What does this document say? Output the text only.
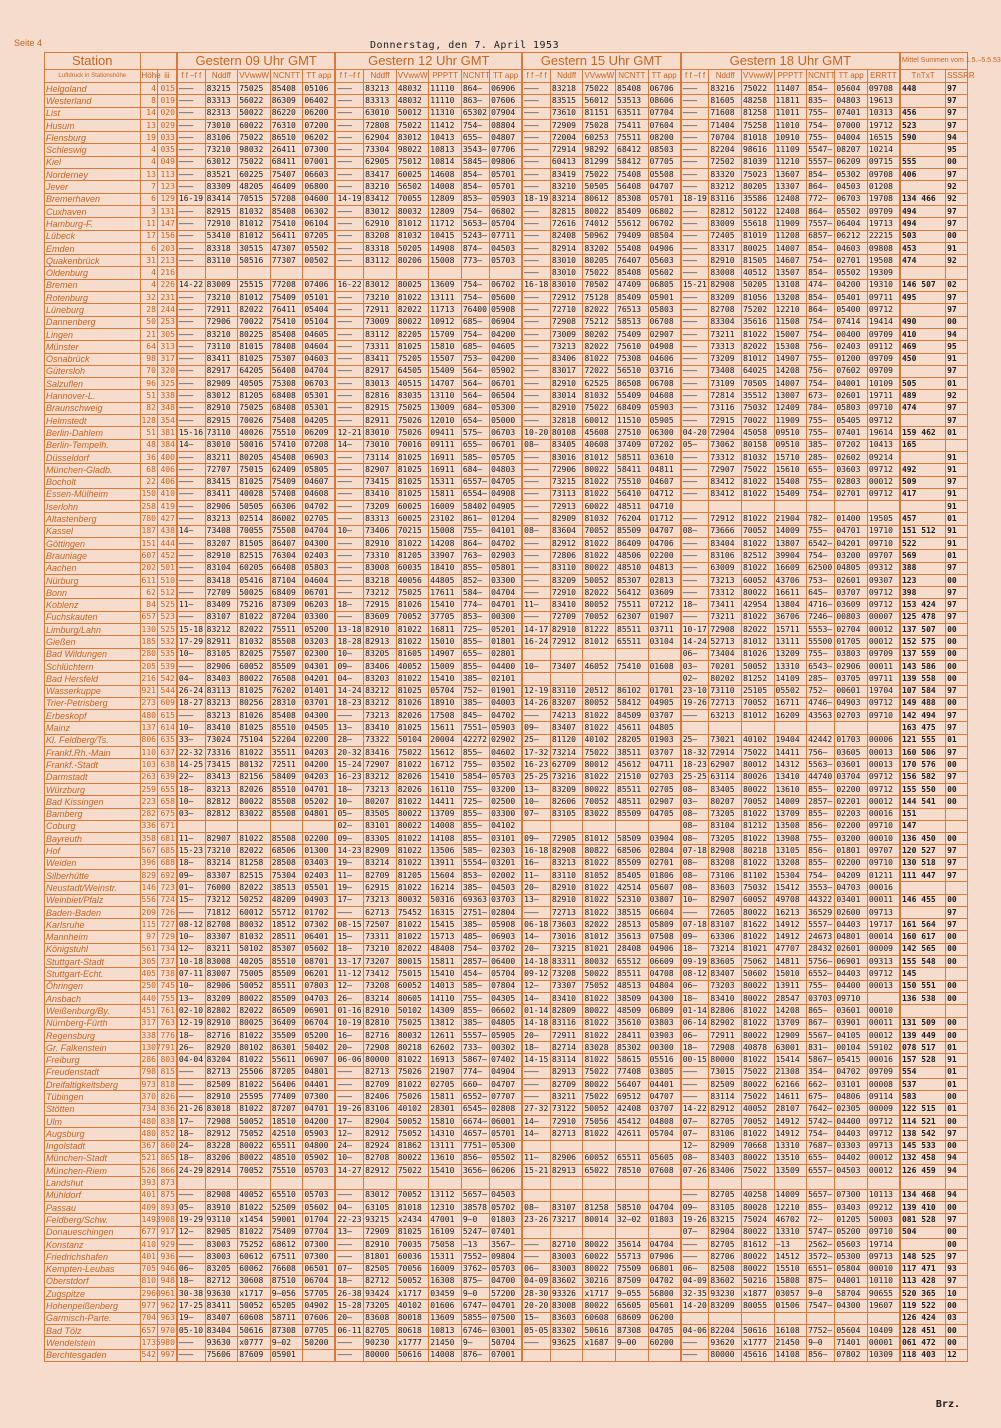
Seite 4	Donnerstag, den 7. April 1953
Station			Gestern 09 Uhr GMT					Gestern 12 Uhr GMT						Gestern 15 Uhr GMT					Gestern 18 Uhr GMT							Mittel Summen vom 1.5.–5.5.53	
Luftdruck in Stationshöhe	Höhe	iii	f f –f f	Nddff	VVwwW	NCNTT	TT app	f f –f f	Nddff	VVwwW	PPPTT	NCNTT	TT app	f f –f f	Nddff	VVwwW	NCNTT	TT app	f f –f f	Nddff	VVwwW	PPPTT	NCNTT	TT app	ERRTT	TnTxT	SSSRR
Helgoland	4	015	———	83215	75025	85408	05106	———	83213	48032	11110	864—	06906	———	83218	75022	85408	06706	———	83216	75022	11407	854—	05604	09708	448	97
Westerland	8	019	———	83313	56022	86309	06402	———	83313	48032	11110	863—	07606	———	83515	56012	53513	08606	———	81605	48258	11811	835—	04803	19613		97
List	14	020	———	82313	50022	86220	06200	———	63010	50012	11310	65302	07904	———	73610	81151	63511	07704	———	71608	81258	11011	755—	07401	10313	456	97
Husum	13	029	———	73010	60022	76310	07200	———	72808	75022	11412	754—	08804	———	72909	75028	75411	07604	———	71404	75258	11010	754—	07000	19712	523	97
Flensburg	19	033	———	83106	75022	86510	06202	———	62904	83012	10413	655—	04807	———	72004	60253	75511	08200	———	70704	81018	10910	755—	04004	16515	590	94
Schleswig	4	035	———	73210	98032	26411	07300	———	73304	98022	10813	3543—	07706	———	72914	98292	68412	08503	———	82204	98616	11109	5547—	08207	10214		95
Kiel	4	049	———	63012	75022	68411	07001	———	62905	75012	10814	5845—	09806	———	60413	81299	58412	07705	———	72502	81039	11210	5557—	06209	09715	555	00
Norderney	13	113	———	83521	60225	75407	06603	———	83417	60025	14608	854—	05701	———	83419	75022	75408	05508	———	83320	75023	13607	854—	05302	09708	406	97
Jever	7	123	———	83309	48205	46409	06800	———	83210	56502	14008	854—	05701	———	83210	50505	56408	04707	———	83212	80205	13307	864—	04503	01208		92
Bremerhaven	6	129	16-19	83414	70515	57208	04600	14-19	83412	70055	12809	853—	05903	18-19	83214	80612	85308	05701	18-19	83116	35586	12408	772—	06703	19708	134 466	92
Cuxhaven	3	131	———	82915	81032	85408	06302	———	83012	80032	12809	754—	06802	———	82815	80022	85409	06802	———	82812	50122	12408	864—	05502	09709	494	97
Hamburg-F.	11	147	———	72910	81012	75410	06104	———	62910	81012	11712	5653—	05704	———	72616	74012	55612	06702	———	83009	55618	11909	7557—	06404	19713	494	97
Lübeck	17	156	———	53410	81012	56411	07205	———	83208	81032	10415	5243—	07711	———	82408	50962	79409	08504	———	72405	81019	11208	6857—	06212	22215	503	00
Emden	6	203	———	83318	30515	47307	05502	———	83318	50205	14908	874—	04503	———	82914	83202	55408	04906	———	83317	80025	14007	854—	04603	09808	453	91
Quakenbrück	31	213	———	83110	50516	77307	00502	———	83112	80206	15008	773—	05703	———	83010	80205	76407	05603	———	82910	81505	14607	754—	02701	19508	474	92
Oldenburg	4	216												———	83010	75022	85408	05602	———	83008	40512	13507	854—	05502	19309		
Bremen	4	226	14-22	83009	25515	77208	07406	16-22	83012	80025	13609	754—	06702	16-18	83010	70502	47409	06805	15-21	82908	50205	13108	474—	04200	19310	146 507	02
Rotenburg	32	231	———	73210	81012	75409	05101	———	73210	81022	13111	754—	05600	———	72912	75128	85409	05901	———	83209	81056	13208	854—	05401	09711	495	97
Lüneburg	28	244	———	72911	82022	76411	05404	———	72911	82022	11713	76400	05908	———	72710	82022	76513	05803	———	82708	75202	12210	864—	05400	09712		97
Dannenberg	50	253	———	72906	70022	75410	05104	———	73009	80022	10912	685—	06904	———	72908	75212	58513	06708	———	83304	35616	11508	754—	07414	19414	490	00
Lingen	21	305	———	83210	80225	85408	04605	———	83112	82205	15709	754—	04200	———	73009	80202	75409	02907	———	73211	81022	15007	754—	00400	09709	410	94
Münster	64	313	———	73110	81015	78408	04604	———	73311	81025	15810	685—	04605	———	73213	82022	75610	04908	———	73313	82022	15308	756—	02403	09112	469	95
Osnabrück	98	317	———	83411	81025	75307	04603	———	83411	75205	15507	753—	04200	———	83406	81022	75308	04606	———	73209	81012	14907	755—	01200	09709	450	91
Gütersloh	70	320	———	82917	64205	56408	04704	———	82917	64505	15409	564—	05902	———	83017	72022	56510	03716	———	73408	64025	14208	756—	07602	09709		97
Salzuflen	96	325	———	82909	40505	75308	06703	———	83013	40515	14707	564—	06701	———	82910	62525	86508	06708	———	73109	70505	14007	754—	04001	10109	505	01
Hannover-L.	51	338	———	83012	81205	68408	05301	———	82816	83035	13110	564—	06504	———	83014	81032	55409	04608	———	72814	35512	13007	673—	02601	19711	489	92
Braunschweig	82	348	———	82910	75025	68408	05301	———	82915	75025	13009	684—	05300	———	82910	75022	68409	05903	———	73116	75032	12409	784—	05803	09710	474	97
Helmstedt	128	354	———	82915	70026	75408	04205	———	82911	75026	12010	654—	05000	———	32818	60012	11510	05905	———	72915	70022	11909	755—	05405	09712		97
Berlin-Dahlem	51	381	15-16	73110	40026	75510	06209	12-21	83010	75026	09411	575—	06703	10-20	80108	45608	27510	06300	04-20	72904	45058	09510	755—	07401	19614	159 462	01
Berlin-Tempelh.	48	384	14—	83010	50016	57410	07208	14—	73010	70016	09111	655—	06701	08—	83405	40608	37409	07202	05—	73062	80158	09510	385—	07202	10413	165	
Düsseldorf	36	400	———	83211	80205	45408	06903	———	73114	81025	16911	585—	05705	———	83016	81012	58511	03610	———	73312	81032	15710	285—	02602	09214		91
München-Gladb.	68	406	———	72707	75015	62409	05805	———	82907	81025	16911	684—	04803	———	72906	80022	58411	04811	———	72907	75022	15610	655—	03603	09712	492	91
Bocholt	22	406	———	83415	81025	75409	04607	———	73415	81025	15311	6557—	04705	———	73215	81022	75510	04607	———	83412	81022	15408	755—	02803	00012	509	97
Essen-Mülheim	150	410	———	83411	40028	57408	04608	———	83410	81025	15811	6554—	04908	———	73113	81022	56410	04712	———	83412	81022	15409	754—	02701	09712	417	91
Iserlohn	258	419	———	82906	50505	66306	04702	———	73209	60025	16009	58402	04905	———	72913	60022	48511	04710									91
Altastenberg	780	427	———	83213	02514	86002	02705	———	83313	60025	23102	861—	01204	———	82909	81032	76204	01712	———	72912	81022	21904	782—	01400	19505	457	01
Kassel	187	438	14—	73408	70055	75508	04704	10—	73406	70215	15008	755—	04101	08—	83604	70052	85509	04707	08—	73666	70052	14009	755—	04701	19710	151 512	91
Göttingen	151	444	———	83207	81505	86407	04300	———	82910	81022	14208	864—	04702	———	82912	81022	86409	04706	———	83404	81022	13807	6542—	04201	09710	522	91
Brauniage	607	452	———	82910	82515	76304	02403	———	73310	81205	33907	763—	02903	———	72806	81022	48506	02200	———	83106	82512	39904	754—	03200	09707	569	01
Aachen	202	501	———	83104	60205	66408	05803	———	83008	60035	18410	855—	05801	———	83110	80022	48510	04813	———	63009	81022	16609	62500	04805	09312	388	97
Nürburg	611	510	———	83418	05416	87104	04604	———	83218	40056	44805	852—	03300	———	83209	50052	85307	02813	———	73213	60052	43706	753—	02601	09307	123	00
Bonn	62	512	———	72709	50025	68409	06701	———	73212	75025	17611	584—	04704	———	72910	82022	56412	03609	———	73312	80022	16611	645—	03707	09712	398	97
Koblenz	84	525	11—	83409	75216	87309	06203	18—	72915	81026	15410	774—	04701	11—	83410	80052	75511	07212	18—	73411	42954	13804	4716—	03609	09712	153 424	97
Fuchskauten	657	523	———	83107	81022	87204	03300	———	83609	70052	37705	853—	00300	———	72709	70052	62307	01907	———	73211	81022	36706	7246—	00803	00007	125 478	97
Limburg/Lahn	130	525	15-18	83212	82022	75511	05200	13-18	82910	81022	16811	725—	05201	14-17	82910	81222	85511	03711	10-17	72908	82022	15711	5553—	02704	00012	137 507	00
Gießen	185	532	17-29	82911	81032	85508	03203	18-28	82913	81022	15010	855—	01801	16-24	72912	81012	65511	03104	14-24	52713	81012	13111	55500	01705	00012	152 575	00
Bad Wildungen	280	535	10—	83105	82025	75507	02300	10—	83205	81605	14907	655—	02801						06—	73404	81026	13209	755—	03803	09709	137 559	00
Schlüchtern	205	539	———	82906	60052	85509	04301	09—	83406	40052	15009	855—	04400	10—	73407	46052	75410	01608	03—	70201	50052	13310	6543—	02906	00011	143 586	00
Bad Hersfeld	216	542	04—	83403	80022	76508	04201	04—	83203	81022	15410	385—	02101						02—	80202	81252	14109	285—	03705	09711	139 558	00
Wasserkuppe	921	544	26-24	83113	81025	76202	01401	14-24	83212	81025	05704	752—	01901	12-19	83110	20512	86102	01701	23-10	73110	25105	05502	752—	00601	19704	107 584	97
Trier-Petrisberg	273	609	18-27	83213	80256	28310	03701	18-23	83212	81026	18910	385—	04003	14-26	83207	80052	58412	04905	19-26	72713	70052	16711	4746—	04903	09712	149 488	00
Erbeskopf	480	615	———	83213	81026	85408	04300	———	73213	82026	17508	845—	04702	———	74213	81022	84509	03707	———	63213	81012	16209	43563	02703	09710	142 494	97
Mainz	137	614	10—	83410	81025	85510	04505	13—	83410	81025	15611	7551—	05903	09—	83407	81022	45611	04805								163 475	97
Kl. Feldberg/Ts.	806	635	33—	73024	75104	52204	02200	28—	73322	50104	20004	42272	02902	25—	81120	40102	28205	01903	25—	73021	40102	19404	42442	01703	00006	121 555	01
Frankf.Rh.-Main	110	637	22-32	73316	81022	35511	04203	20-32	83416	75022	15612	855—	04602	17-32	73214	75022	38511	03707	18-32	72914	75022	14411	756—	03605	00013	160 506	97
Frankf.-Stadt	103	638	14-25	73415	80132	72511	04200	15-24	72907	81022	16712	755—	03502	16-23	62709	80012	45612	04711	18-23	62907	80012	14312	5563—	03601	00013	170 576	00
Darmstadt	263	639	22—	83413	82156	58409	04203	16-23	83212	82026	15410	5854—	05703	25-25	73216	81022	21510	02703	25-25	63114	80026	13410	44740	03704	09712	156 582	97
Würzburg	259	655	18—	83213	82026	85510	04701	18—	73213	82026	16110	755—	03200	13—	83209	80022	85511	02705	08—	83405	80022	13610	855—	02200	09712	155 550	00
Bad Kissingen	223	658	10—	82812	80022	85508	05202	10—	80207	81022	14411	725—	02500	10—	82606	70052	48511	02907	03—	80207	70052	14009	2857—	02201	00012	144 541	00
Bamberg	282	675	03—	82812	83022	85508	04801	05—	83505	80022	13709	855—	03300	07—	83105	83022	85509	04705	08—	73205	81022	13709	855—	02203	00016	151	
Coburg	336	671						02—	83101	80022	14008	855—	04102						08—	83104	81212	13508	856—	02200	09710	147	
Bayreuth	358	681	11—	82907	81022	85508	02200	09—	83305	81022	14108	855—	03101	09—	72905	81012	58509	03904	08—	73205	81022	13908	755—	03200	00010	136 450	00
Hof	567	685	15-23	73210	82022	68506	01300	14-23	82909	81022	13506	585—	02303	16-18	82908	80822	68506	02804	07-18	82908	80218	13105	856—	01801	09707	120 527	97
Weiden	396	688	18—	83214	81258	28508	03403	19—	83214	81022	13911	5554—	03201	16—	83213	81022	85509	02701	08—	83208	81022	13208	855—	02200	09710	130 518	97
Silberhütte	829	692	09—	83307	82515	75304	02403	11—	82709	81205	15604	853—	02002	11—	83110	81052	85405	01806	08—	73106	81102	15304	754—	04209	01211	111 447	97
Neustadt/Weinstr.	146	723	01—	76000	82022	38513	05501	19—	62915	81022	16214	385—	04503	20—	82910	81022	42514	05607	08—	83603	75032	15412	3553—	04703	00016		
Weinbiet/Pfalz	556	724	15—	73212	50252	48209	04903	17—	73213	80032	50316	69363	03703	13—	82910	81022	52310	03807	10—	82907	60052	49708	44322	03401	00011	146 455	00
Baden-Baden	209	726	———	71812	60012	55712	01702	———	62713	75452	16315	2751—	02804	———	72713	81022	38515	06604	———	72605	80022	16213	36529	02600	09713		97
Karlsruhe	115	727	08-12	82708	80032	18512	07302	08-15	72507	81022	15415	385—	05908	06-18	73603	82022	28513	05809	07-18	83107	81622	14912	5557—	04403	19717	161 564	97
Mannheim	97	729	10—	83307	81032	28511	06401	15—	73311	81022	15713	485—	06903	14—	73016	81012	35613	07508	09—	63306	81022	14912	24673	04801	00014	160 617	00
Königstuhl	561	734	12—	83211	50102	85307	05602	18—	73210	82022	48408	754—	03702	20—	73215	81021	28408	04906	18—	73214	81021	47707	28432	02601	00009	142 565	00
Stuttgart-Stadt	305	737	10-18	83008	40205	85510	08701	13-17	73207	80015	15811	2857—	06400	14-18	83311	80032	65512	06609	09-19	83605	75062	14811	5756—	06901	09313	155 548	00
Stuttgart-Echt.	405	738	07-11	83007	75005	85509	06201	11-12	73412	75015	15410	454—	05704	09-12	73208	50022	85511	04708	08-12	83407	50602	15010	6552—	04403	09712	145	
Öhringen	250	745	10—	82906	50052	85511	07803	12—	73208	60052	14013	585—	07804	12—	73307	75052	48513	04804	06—	73203	80022	13911	755—	04400	00013	150 551	00
Ansbach	440	755	13—	83209	80022	85509	04703	26—	83214	80605	14110	755—	04305	14—	83410	81022	38509	04300	18—	83410	80022	28547	03703	09710		136 538	00
Weißenburg/By.	451	761	02-10	82802	82022	86509	06901	01-16	82910	50102	14309	855—	06602	01-14	82809	80022	48509	06809	01-14	82806	81022	14208	865—	03601	00010		
Nürnberg-Fürth	317	763	12-19	82910	80025	36409	06704	10-19	82810	75025	13812	385—	04805	14-18	83116	81022	35610	03803	06-14	82902	81022	13709	867—	03901	00011	131 509	00
Regensburg	338	776	18—	82716	81022	35509	05200	16—	82716	80032	12611	5557—	05905	20—	72911	81022	28411	03903	06—	72911	80022	12909	5567—	04105	00012	139 449	00
Gr. Falkenstein	1307	791	26—	82920	80102	86301	50402	20—	72908	80218	62602	733—	00302	18—	82714	83028	85302	00300	18—	72908	40878	63001	831—	00104	59102	078 517	01
Freiburg	286	803	04-04	83204	81022	55611	06907	06-06	80000	81022	16913	5867—	07402	14-15	83114	81022	58615	05516	00-15	80000	81022	15414	5867—	05415	00016	157 528	91
Freudenstadt	798	815	———	82713	25506	87205	04801	———	82713	75026	21907	774—	04904	———	82913	75022	77408	03805	———	73015	75022	21308	354—	04702	09709	554	01
Dreifaltigkeitsberg	973	818	———	82509	81022	56406	04401	———	82709	81022	02705	660—	04707	———	82709	80022	56407	04401	———	82509	80022	62166	662—	03101	00008	537	01
Tübingen	370	826	———	82910	25595	77409	07300	———	82406	75026	15811	6552—	07707	———	83211	75022	69512	04707	———	83114	75022	14611	675—	04806	09114	583	00
Stötten	734	836	21-26	83018	81022	87207	04701	19-26	83106	40102	28301	6545—	02808	27-32	73122	50052	42408	03707	14-22	82912	40052	28107	7642—	02305	00009	122 515	01
Ulm	480	838	17—	72908	50052	18510	04200	17—	82904	50052	15810	6674—	06001	14—	72910	75056	45412	04808	07—	82705	70052	14912	5742—	04400	09712	114 521	00
Augsburg	480	852	18—	82912	75052	42510	05903	12—	82912	75052	14310	4657—	05701	14—	82713	81022	42611	05704	07—	83106	81022	14912	754—	04403	09712	138 542	97
Ingolstadt	367	860	24—	83228	80022	65511	04800	24—	82924	81862	13111	7751—	05300						12—	82909	70668	13310	7687—	03303	09713	145 533	00
München-Stadt	521	865	18—	83206	80022	48510	05902	10—	82708	80022	13610	856—	05502	11—	82906	60052	65511	05605	08—	83403	80022	13510	655—	04402	00012	132 458	94
München-Riem	526	866	24-29	82914	70052	75510	05703	14-27	82912	75022	15410	3656—	06206	15-21	82913	65022	78510	07608	07-26	83406	75022	13509	6557—	04503	00012	126 459	94
Landshut	393	873																									
Mühldorf	401	875	———	82908	40052	65510	05703	———	83012	70052	13112	5657—	04503						———	82705	40258	14009	5657—	07300	10113	134 468	94
Passau	409	893	05—	83910	81022	52509	05602	04—	63105	81018	12310	38578	05702	08—	83107	81258	58510	04704	09—	83105	80028	12210	855—	03403	09212	139 410	00
Feldberg/Schw.	1493	908	19-29	93110	x1454	59001	01704	22-23	93215	x2434	47001	9—0	01803	23-26	73217	80014	32—02	01803	19-26	83215	75024	46702	72—	01205	50003	081 528	97
Donaueschingen	677	917	12—	82905	81022	75409	07704	13—	72909	81025	16109	5247—	07401						07—	82904	80022	13310	5747—	05200	09710	504	00
Konstanz	410	929	———	83003	75252	68612	07300	———	82910	70035	75058	—13	3567—	———	82710	80022	35614	04704	———	82705	81612	—13	2562—	05603	19714		00
Friedrichshafen	401	936	———	83003	60612	67511	07300	———	81801	60036	15311	7552—	09804	———	83003	60022	55713	07906	———	82706	80022	14512	3572—	05300	09713	148 525	97
Kempten-Leubas	705	946	06—	83205	60062	76608	06501	07—	82505	70056	16009	3762—	05703	06—	83003	80022	75509	06801	06—	82508	80022	15510	6551—	05804	00010	117 471	93
Oberstdorf	810	948	18—	82712	30608	87510	06704	18—	82712	50052	16308	875—	04700	04-09	83602	30216	87509	04702	04-09	83602	50216	15808	875—	04001	10110	113 428	97
Zugspitze	2960	961	30-38	93630	x1717	9—056	57705	26-38	93424	x1717	03459	9—0	57200	28-30	93326	x1717	9—055	56800	32-35	93230	x1877	03057	9—0	58704	90655	520 365	10
Hohenpeißenberg	977	962	17-25	83411	50052	65205	04902	15-28	73205	40102	01606	6747—	04701	20-20	83008	80022	65605	05601	14-20	83209	80055	01506	7547—	04300	19607	119 522	00
Garmisch-Parte.	704	963	19—	83407	60608	58711	07606	20—	83608	80018	13609	5855—	07500	15—	83603	60608	68609	06200								126 424	03
Bad Tölz	657	970	05-10	83404	50616	87308	07705	06-11	82705	80618	10813	6746—	03001	05-05	83302	50616	87308	04705	04-06	82204	50616	16108	7752—	05604	10409	128 451	00
Wendelstein	1735	980	———	93630	x0777	9—02	50200	———	90230	x1777	21450	9—	50704	———	93625	x1687	9—00	60200	———	93620	x1777	21450	9—0	71401	00001	061 472	00
Berchtesgaden	542	997	———	75606	87609	05901		———	80000	50616	14008	876—	07001						———	80000	45616	14108	856—	07802	10309	118 403	12
Brz.
